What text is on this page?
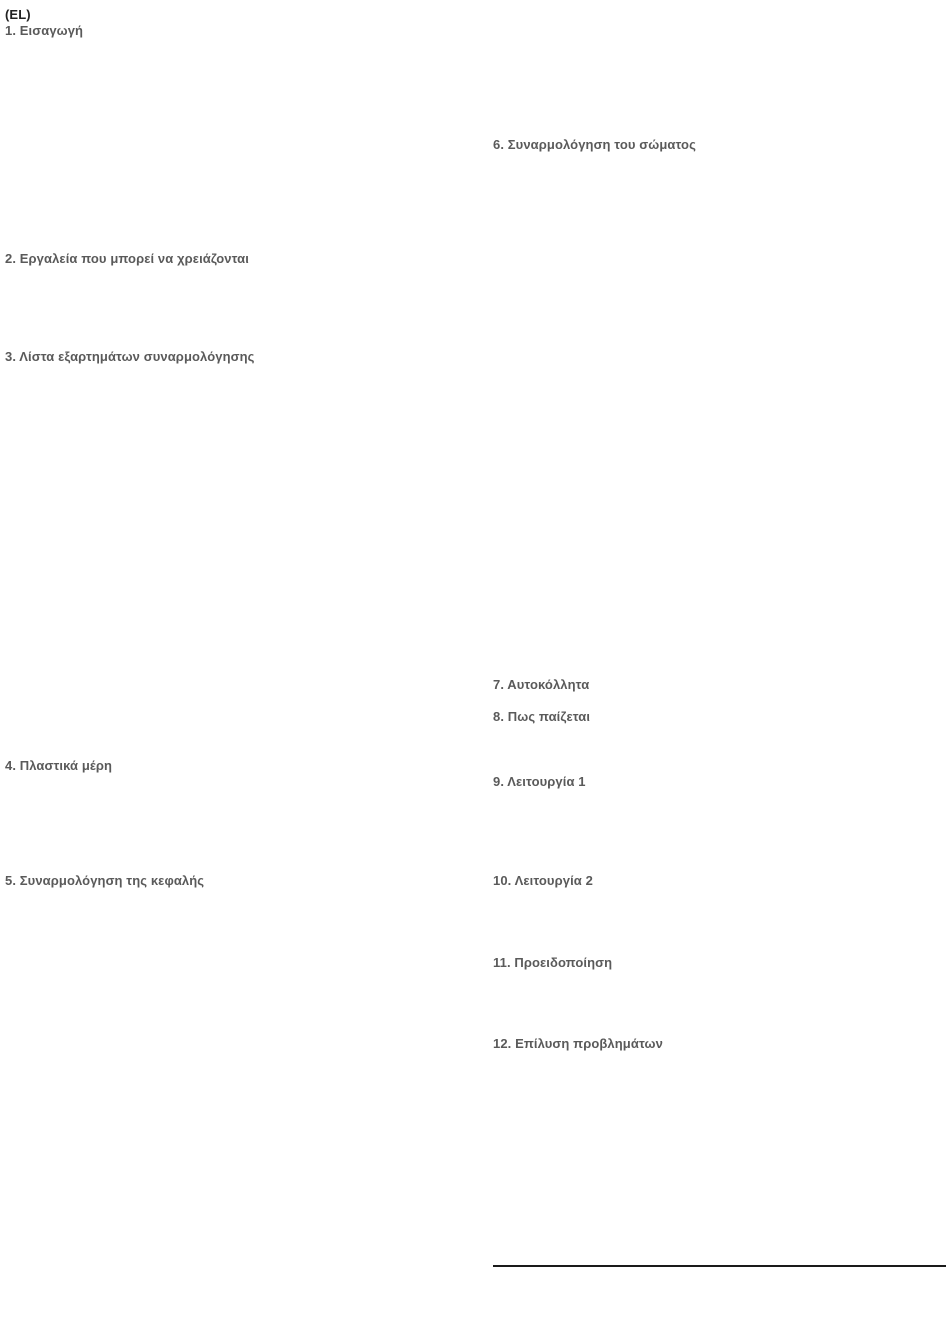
(EL)
1. Εισαγωγή
2. Εργαλεία που μπορεί να χρειάζονται
3. Λίστα εξαρτημάτων συναρμολόγησης
4. Πλαστικά μέρη
5. Συναρμολόγηση της κεφαλής
6. Συναρμολόγηση του σώματος
7. Αυτοκόλλητα
8. Πως παίζεται
9. Λειτουργία 1
10. Λειτουργία 2
11. Προειδοποίηση
12. Επίλυση προβλημάτων
